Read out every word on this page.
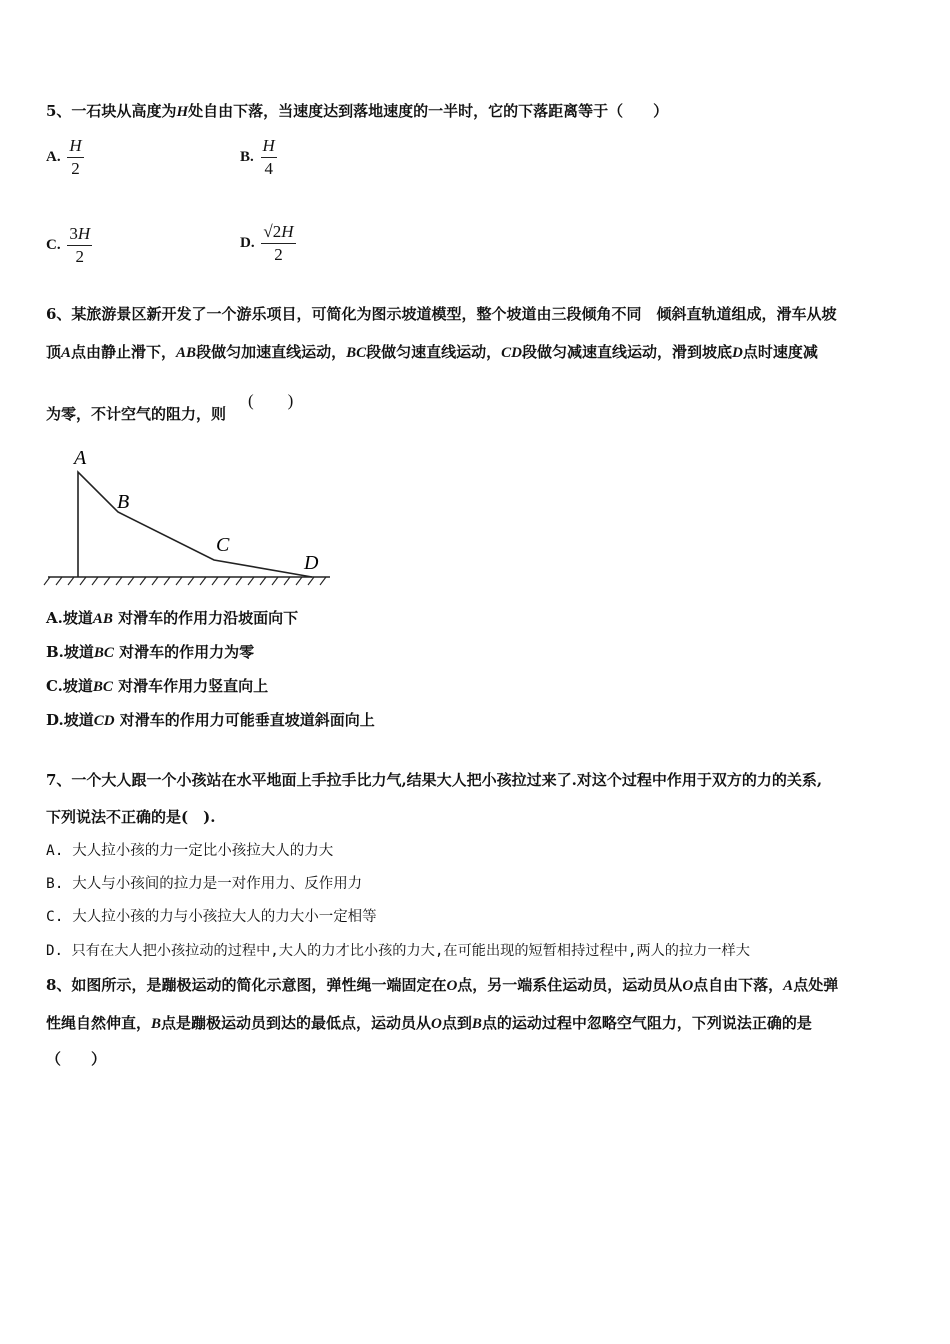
5、一石块从高度为H处自由下落，当速度达到落地速度的一半时，它的下落距离等于（　　）
A. $\frac{H}{2}$	B. $\frac{H}{4}$
C. $\frac{3H}{2}$	D. $\frac{√2H}{2}$
6、某旅游景区新开发了一个游乐项目，可简化为图示坡道模型，整个坡道由三段倾角不同　倾斜直轨道组成，滑车从坡
顶A点由静止滑下，AB段做匀加速直线运动，BC段做匀速直线运动，CD段做匀减速直线运动，滑到坡底D点时速度减
为零，不计空气的阻力，则
(　　)
A
B
C
D
A.坡道AB 对滑车的作用力沿坡面向下
B.坡道BC 对滑车的作用力为零
C.坡道BC 对滑车作用力竖直向上
D.坡道CD 对滑车的作用力可能垂直坡道斜面向上
7、一个大人跟一个小孩站在水平地面上手拉手比力气,结果大人把小孩拉过来了.对这个过程中作用于双方的力的关系,
下列说法不正确的是(　).
A. 大人拉小孩的力一定比小孩拉大人的力大
B. 大人与小孩间的拉力是一对作用力、反作用力
C. 大人拉小孩的力与小孩拉大人的力大小一定相等
D. 只有在大人把小孩拉动的过程中,大人的力才比小孩的力大,在可能出现的短暂相持过程中,两人的拉力一样大
8、如图所示，是蹦极运动的简化示意图，弹性绳一端固定在O点，另一端系住运动员，运动员从O点自由下落，A点处弹
性绳自然伸直，B点是蹦极运动员到达的最低点，运动员从O点到B点的运动过程中忽略空气阻力，下列说法正确的是
（　　）
